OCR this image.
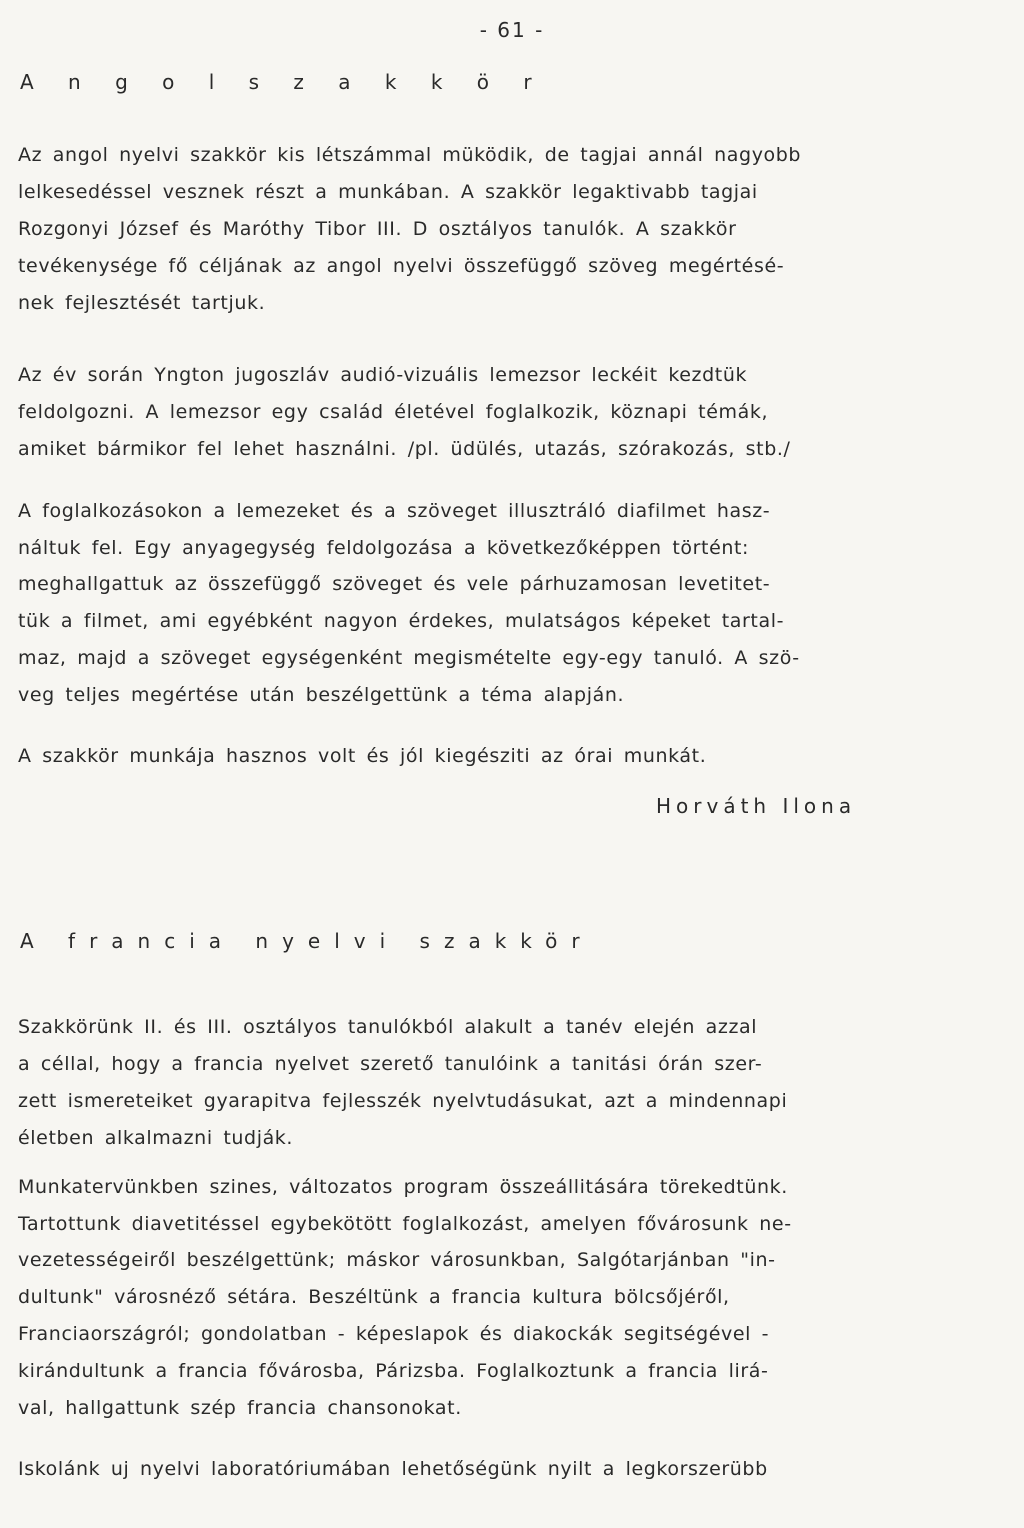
- 61 -
A n g o l s z a k k ö r
Az angol nyelvi szakkör kis létszámmal müködik, de tagjai annál nagyobb
lelkesedéssel vesznek részt a munkában. A szakkör legaktivabb tagjai
Rozgonyi József és Maróthy Tibor III. D osztályos tanulók. A szakkör
tevékenysége fő céljának az angol nyelvi összefüggő szöveg megértésé-
nek fejlesztését tartjuk.
Az év során Yngton jugoszláv audió-vizuális lemezsor leckéit kezdtük
feldolgozni. A lemezsor egy család életével foglalkozik, köznapi témák,
amiket bármikor fel lehet használni. /pl. üdülés, utazás, szórakozás, stb./
A foglalkozásokon a lemezeket és a szöveget illusztráló diafilmet hasz-
náltuk fel. Egy anyagegység feldolgozása a következőképpen történt:
meghallgattuk az összefüggő szöveget és vele párhuzamosan levetitet-
tük a filmet, ami egyébként nagyon érdekes, mulatságos képeket tartal-
maz, majd a szöveget egységenként megismételte egy-egy tanuló. A szö-
veg teljes megértése után beszélgettünk a téma alapján.
A szakkör munkája hasznos volt és jól kiegésziti az órai munkát.
Horváth Ilona
A francia nyelvi szakkör
Szakkörünk II. és III. osztályos tanulókból alakult a tanév elején azzal
a céllal, hogy a francia nyelvet szerető tanulóink a tanitási órán szer-
zett ismereteiket gyarapitva fejlesszék nyelvtudásukat, azt a mindennapi
életben alkalmazni tudják.
Munkatervünkben szines, változatos program összeállitására törekedtünk.
Tartottunk diavetitéssel egybekötött foglalkozást, amelyen fővárosunk ne-
vezetességeiről beszélgettünk; máskor városunkban, Salgótarjánban "in-
dultunk" városnéző sétára. Beszéltünk a francia kultura bölcsőjéről,
Franciaországról; gondolatban - képeslapok és diakockák segitségével -
kirándultunk a francia fővárosba, Párizsba. Foglalkoztunk a francia lirá-
val, hallgattunk szép francia chansonokat.
Iskolánk uj nyelvi laboratóriumában lehetőségünk nyilt a legkorszerübb
